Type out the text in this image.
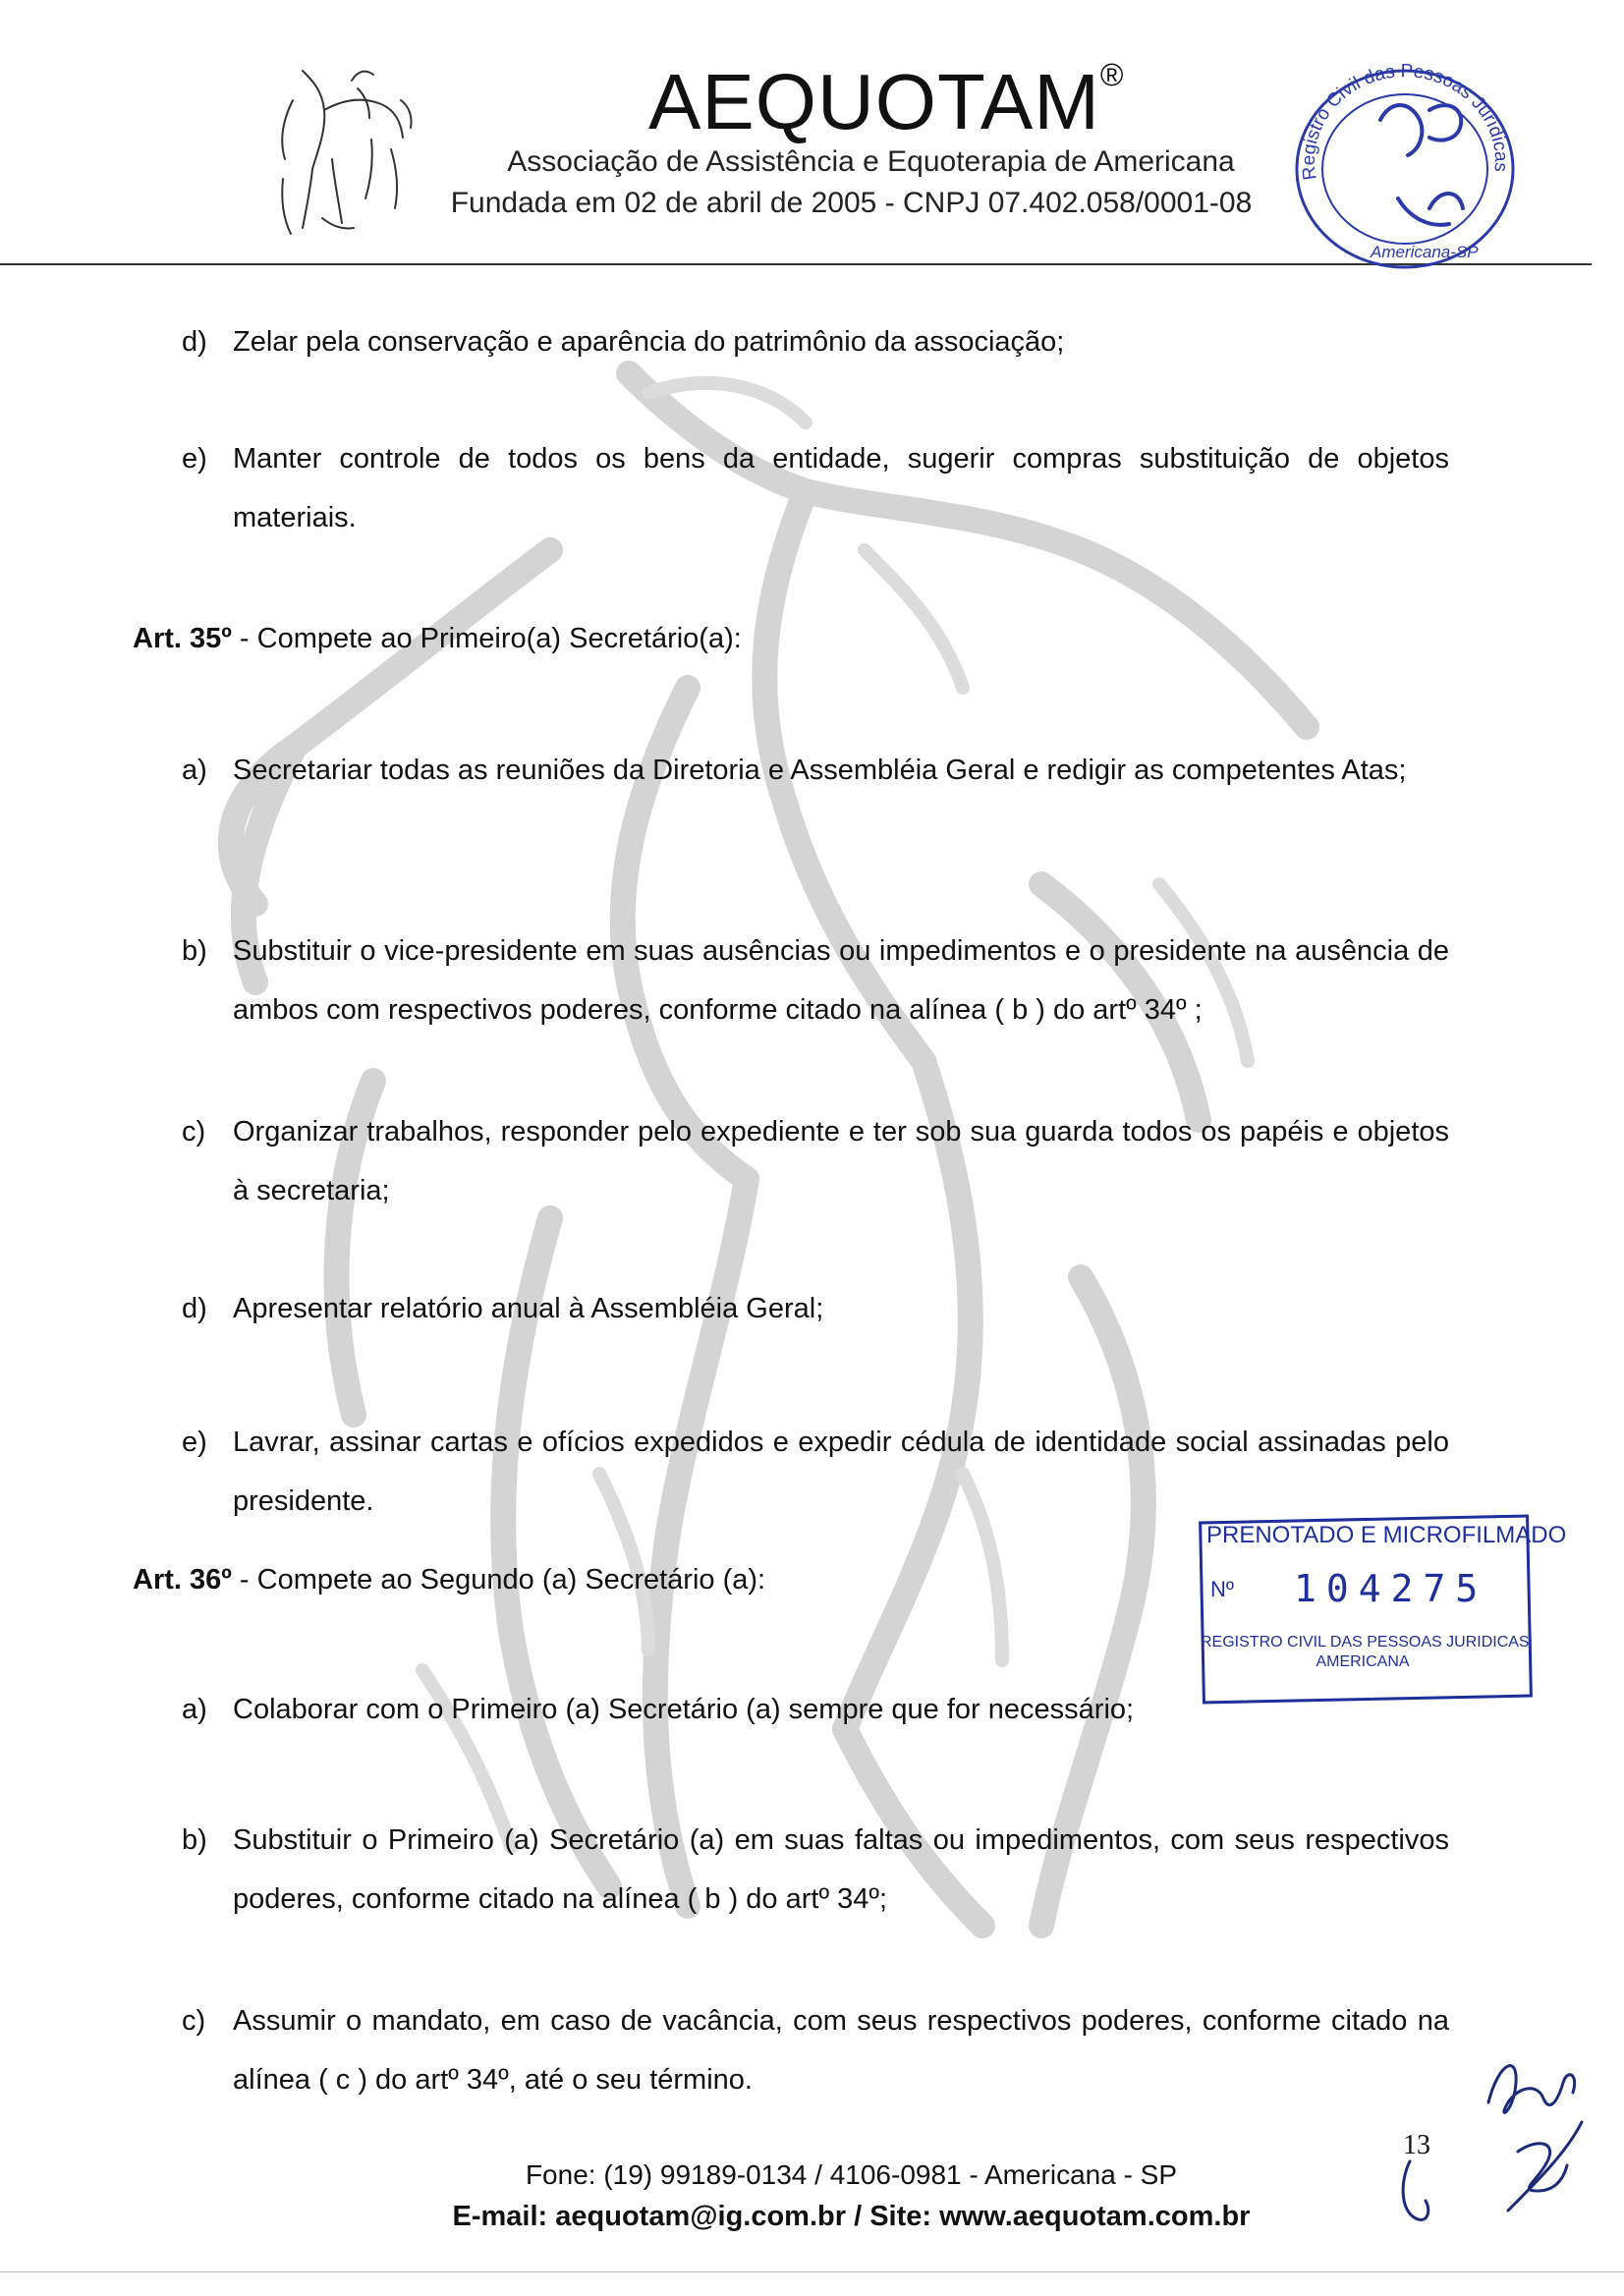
AEQUOTAM®
Associação de Assistência e Equoterapia de Americana
Fundada em 02 de abril de 2005 - CNPJ 07.402.058/0001-08
Registro Civil das Pessoas Jurídicas
Americana-SP
d) Zelar pela conservação e aparência do patrimônio da associação;
e) Manter controle de todos os bens da entidade, sugerir compras substituição de objetos materiais.
Art. 35º - Compete ao Primeiro(a) Secretário(a):
a) Secretariar todas as reuniões da Diretoria e Assembléia Geral e redigir as competentes Atas;
b) Substituir o vice-presidente em suas ausências ou impedimentos e o presidente na ausência de ambos com respectivos poderes, conforme citado na alínea ( b ) do artº 34º ;
c) Organizar trabalhos, responder pelo expediente e ter sob sua guarda todos os papéis e objetos à secretaria;
d) Apresentar relatório anual à Assembléia Geral;
e) Lavrar, assinar cartas e ofícios expedidos e expedir cédula de identidade social assinadas pelo presidente.
Art. 36º - Compete ao Segundo (a) Secretário (a):
PRENOTADO E MICROFILMADO
Nº 104275
REGISTRO CIVIL DAS PESSOAS JURIDICAS
AMERICANA
a) Colaborar com o Primeiro (a) Secretário (a) sempre que for necessário;
b) Substituir o Primeiro (a) Secretário (a) em suas faltas ou impedimentos, com seus respectivos poderes, conforme citado na alínea ( b ) do artº 34º;
c) Assumir o mandato, em caso de vacância, com seus respectivos poderes, conforme citado na alínea ( c ) do artº 34º, até o seu término.
13
Fone: (19) 99189-0134 / 4106-0981 - Americana - SP
E-mail: aequotam@ig.com.br / Site: www.aequotam.com.br
